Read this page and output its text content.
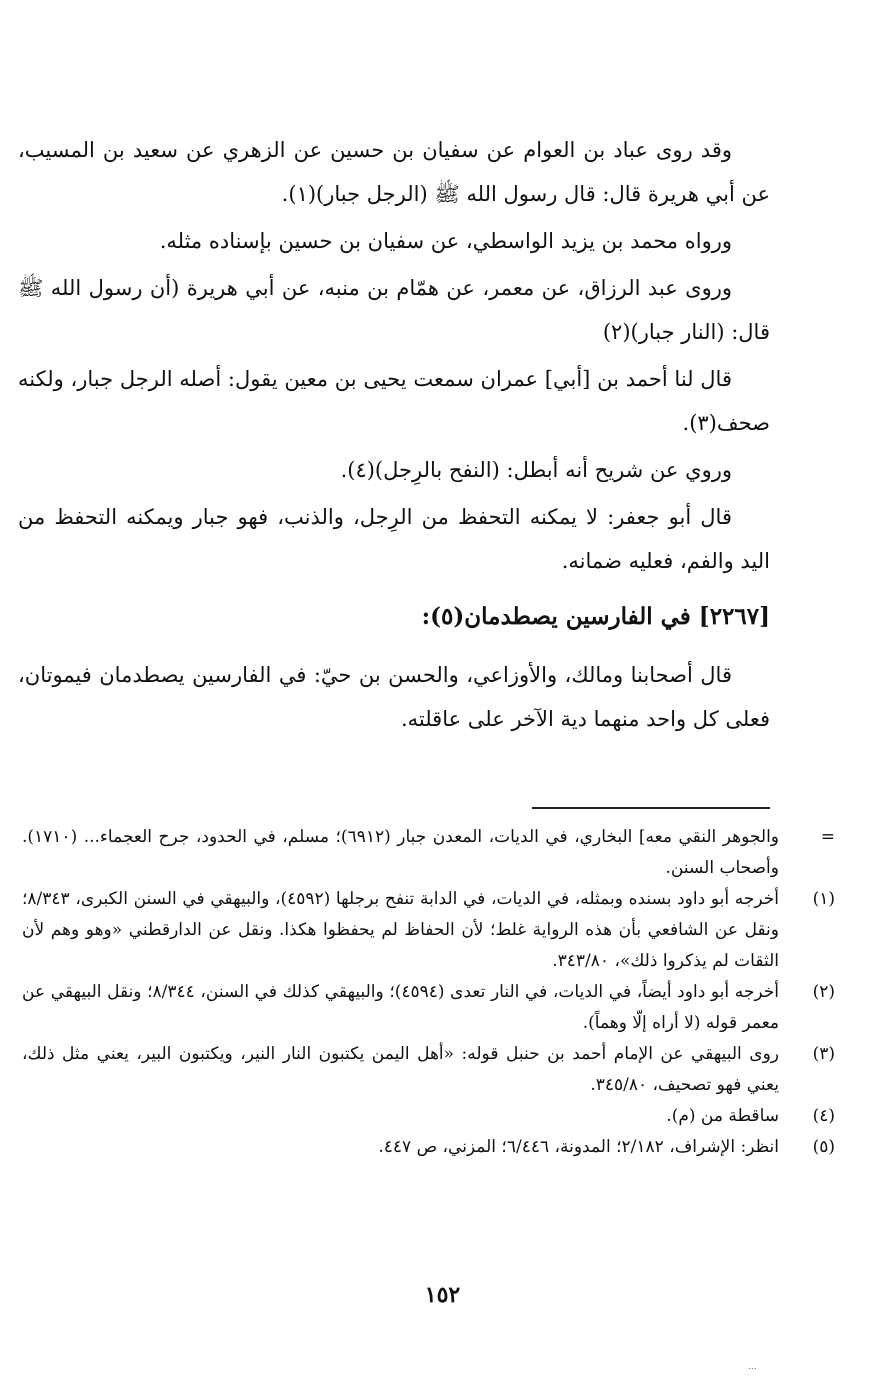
وقد روى عباد بن العوام عن سفيان بن حسين عن الزهري عن سعيد بن المسيب، عن أبي هريرة قال: قال رسول الله ﷺ (الرجل جبار)(١).

ورواه محمد بن يزيد الواسطي، عن سفيان بن حسين بإسناده مثله.

وروى عبد الرزاق، عن معمر، عن همّام بن منبه، عن أبي هريرة (أن رسول الله ﷺ قال: (النار جبار)(٢)

قال لنا أحمد بن [أبي] عمران سمعت يحيى بن معين يقول: أصله الرجل جبار، ولكنه صحف(٣).

وروي عن شريح أنه أبطل: (النفح بالرِجل)(٤).

قال أبو جعفر: لا يمكنه التحفظ من الرِجل، والذنب، فهو جبار ويمكنه التحفظ من اليد والفم، فعليه ضمانه.

[٢٢٦٧] في الفارسين يصطدمان(٥):

قال أصحابنا ومالك، والأوزاعي، والحسن بن حيّ: في الفارسين يصطدمان فيموتان، فعلى كل واحد منهما دية الآخر على عاقلته.

=
والجوهر النقي معه] البخاري، في الديات، المعدن جبار (٦٩١٢)؛ مسلم، في الحدود، جرح العجماء... (١٧١٠). وأصحاب السنن.

(١)
أخرجه أبو داود بسنده وبمثله، في الديات، في الدابة تنفح برجلها (٤٥٩٢)، والبيهقي في السنن الكبرى، ٨/٣٤٣؛ ونقل عن الشافعي بأن هذه الرواية غلط؛ لأن الحفاظ لم يحفظوا هكذا. ونقل عن الدارقطني «وهو وهم لأن الثقات لم يذكروا ذلك»، ٣٤٣/٨٠.

(٢)
أخرجه أبو داود أيضاً، في الديات، في النار تعدى (٤٥٩٤)؛ والبيهقي كذلك في السنن، ٨/٣٤٤؛ ونقل البيهقي عن معمر قوله (لا أراه إلّا وهماً).

(٣)
روى البيهقي عن الإمام أحمد بن حنبل قوله: «أهل اليمن يكتبون النار النير، ويكتبون البير، يعني مثل ذلك، يعني فهو تصحيف، ٣٤٥/٨٠.

(٤)
ساقطة من (م).

(٥)
انظر: الإشراف، ٢/١٨٢؛ المدونة، ٦/٤٤٦؛ المزني، ص ٤٤٧.

١٥٢
...
